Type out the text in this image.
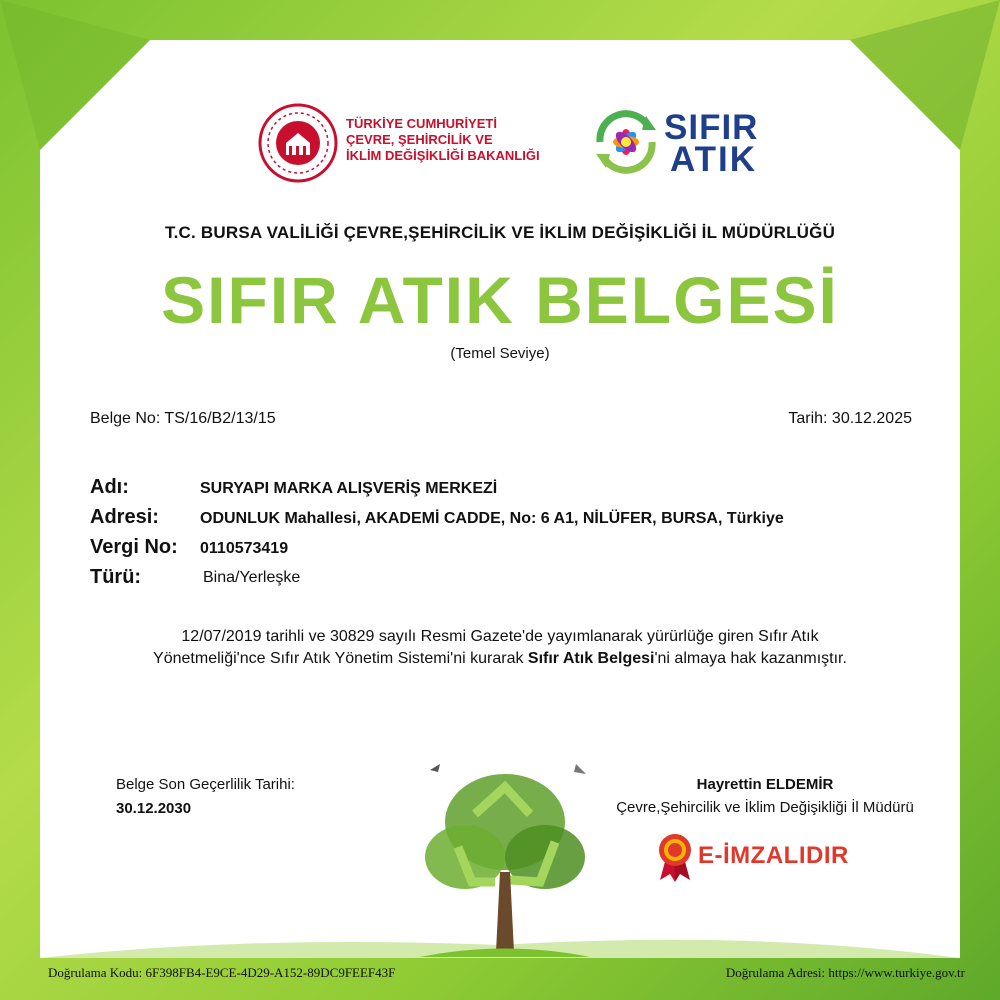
TÜRKİYE CUMHURİYETİ
ÇEVRE, ŞEHİRCİLİK VE
İKLİM DEĞİŞİKLİĞİ BAKANLIĞI
SIFIR
ATIK
T.C. BURSA VALİLİĞİ ÇEVRE,ŞEHİRCİLİK VE İKLİM DEĞİŞİKLİĞİ İL MÜDÜRLÜĞÜ
SIFIR ATIK BELGESİ
(Temel Seviye)
Belge No: TS/16/B2/13/15	Tarih: 30.12.2025
Adı:	SURYAPI MARKA ALIŞVERİŞ MERKEZİ
Adresi:	ODUNLUK Mahallesi, AKADEMİ CADDE, No: 6 A1, NİLÜFER, BURSA, Türkiye
Vergi No: 0110573419
Türü:	Bina/Yerleşke
12/07/2019 tarihli ve 30829 sayılı Resmi Gazete'de yayımlanarak yürürlüğe giren Sıfır Atık
Yönetmeliği'nce Sıfır Atık Yönetim Sistemi'ni kurarak Sıfır Atık Belgesi'ni almaya hak kazanmıştır.
Belge Son Geçerlilik Tarihi:
30.12.2030
Hayrettin ELDEMİR
Çevre,Şehircilik ve İklim Değişikliği İl Müdürü
E-İMZALIDIR
Doğrulama Kodu: 6F398FB4-E9CE-4D29-A152-89DC9FEEF43F	Doğrulama Adresi: https://www.turkiye.gov.tr
